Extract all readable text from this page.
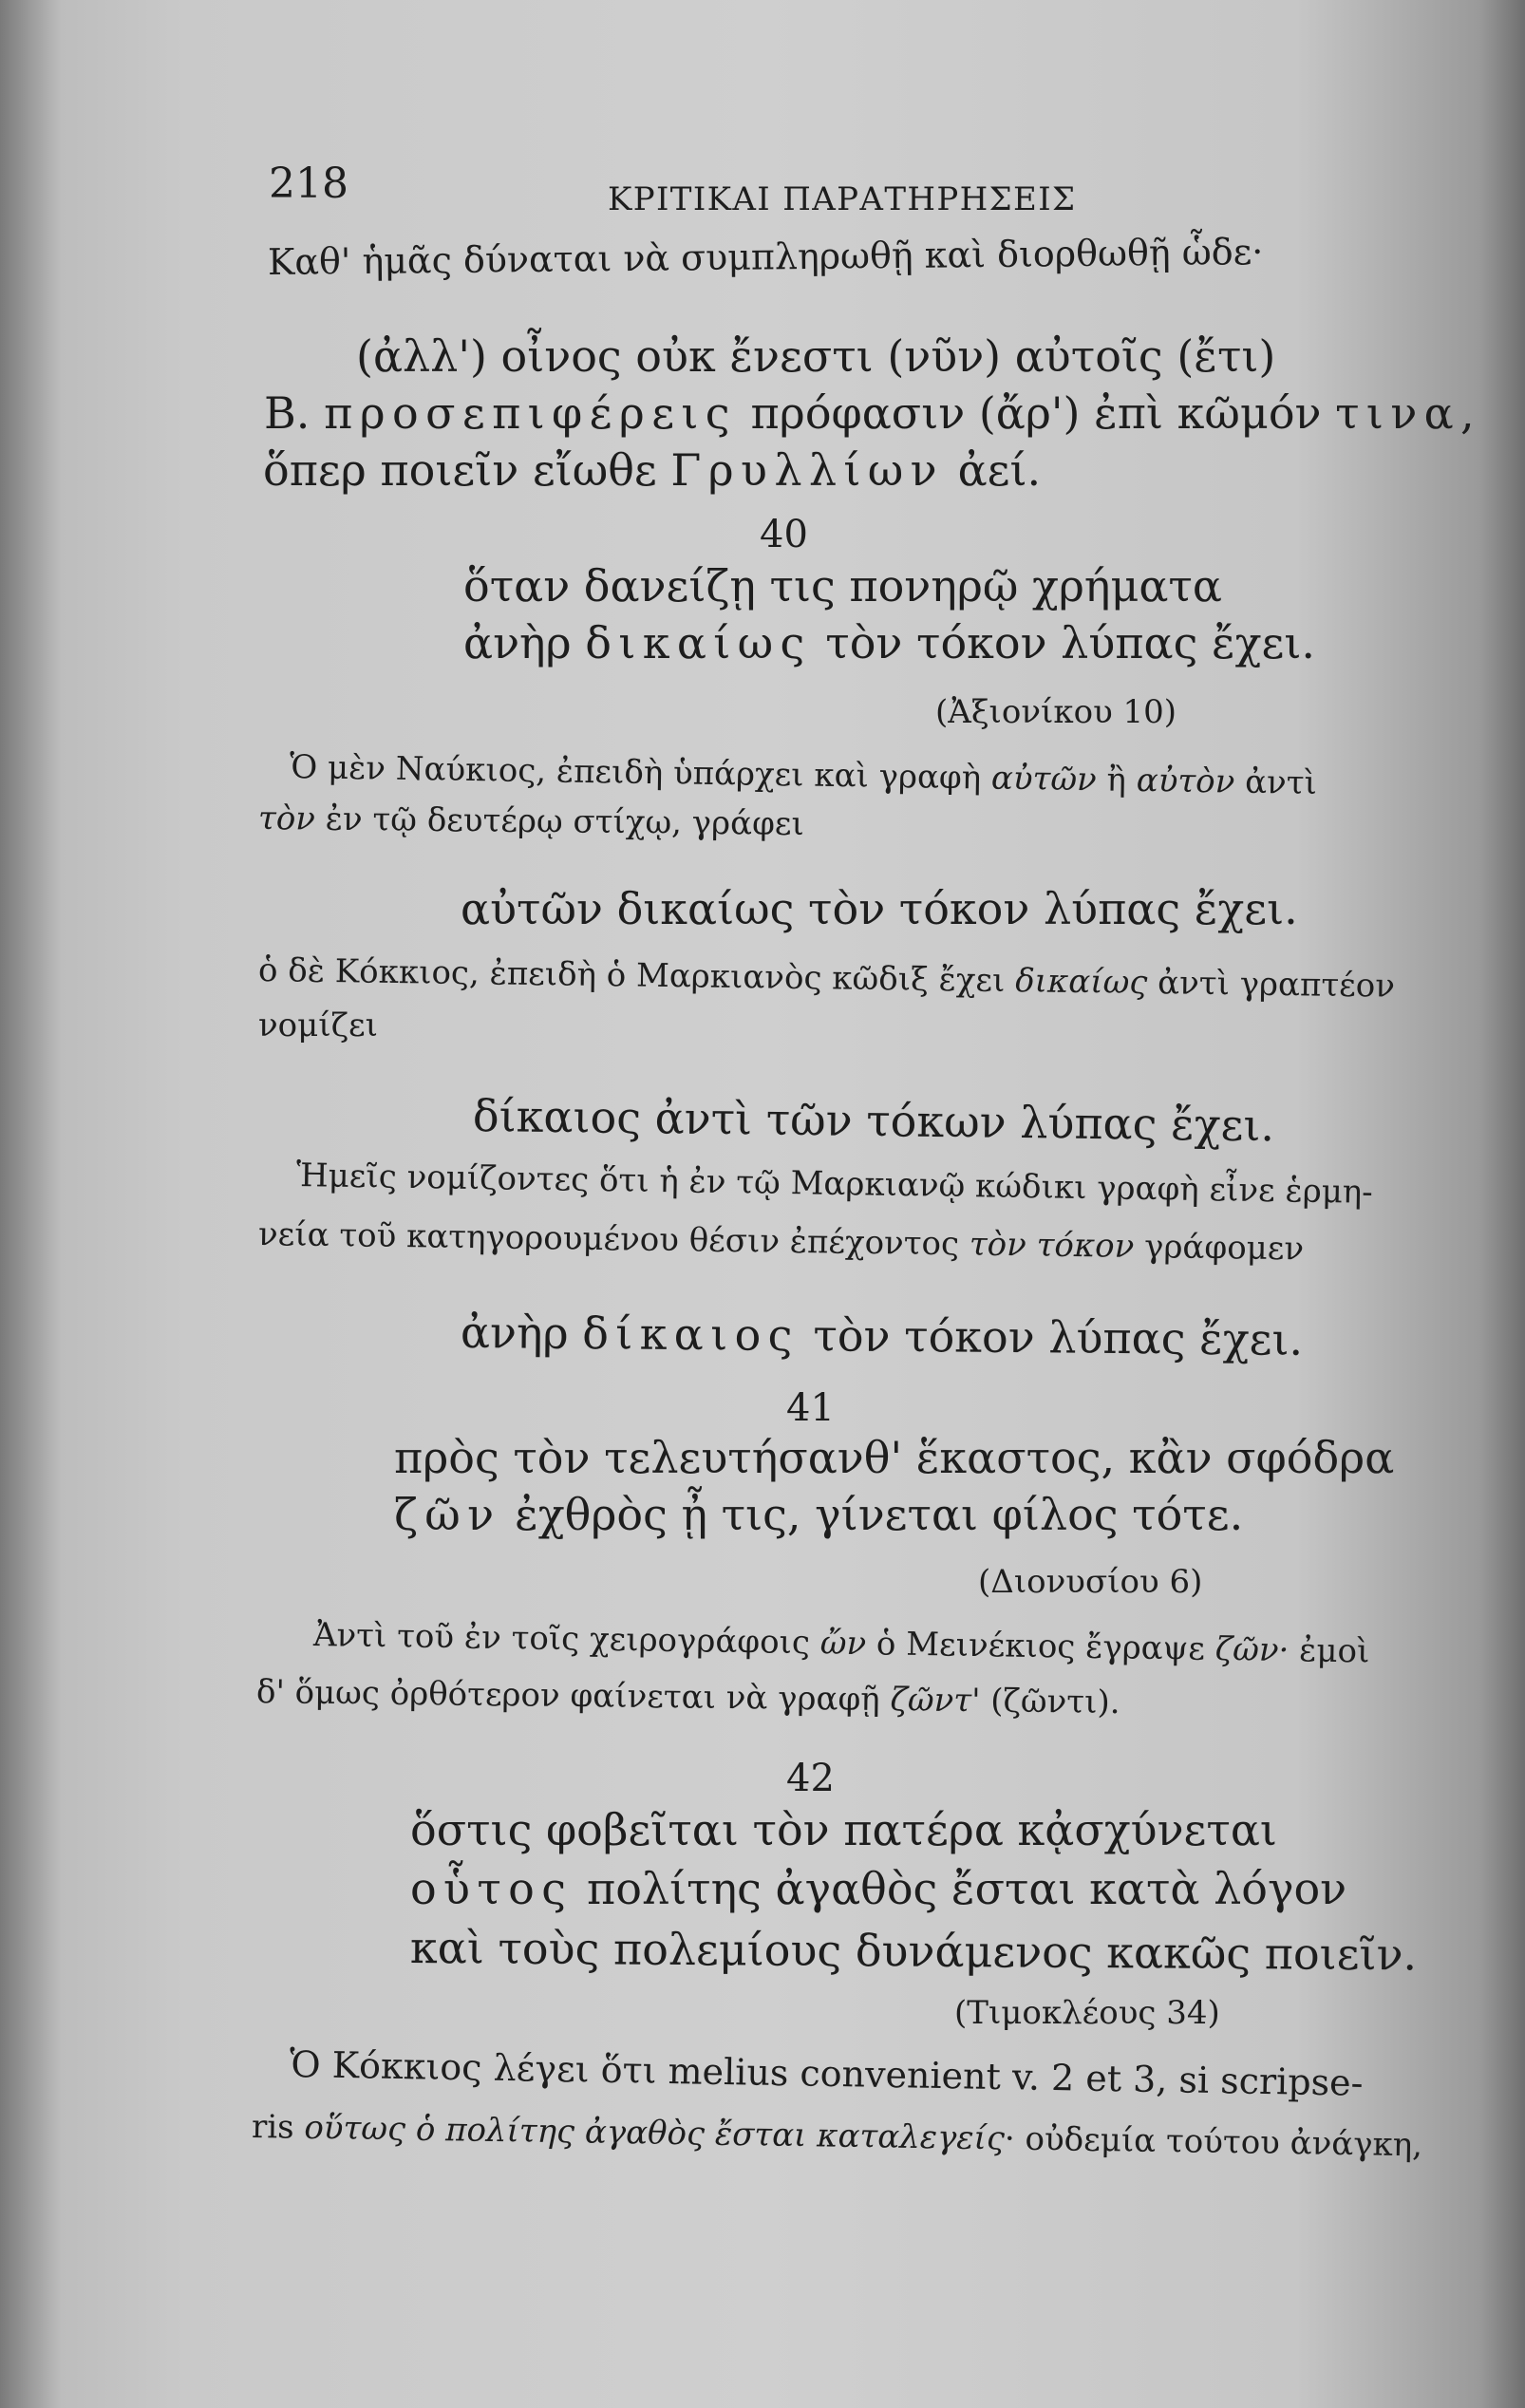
218	ΚΡΙΤΙΚΑΙ ΠΑΡΑΤΗΡΗΣΕΙΣ
Καθ' ἡμᾶς δύναται νὰ συμπληρωθῇ καὶ διορθωθῇ ὧδε·
(ἀλλ') οἶνος οὐκ ἔνεστι (νῦν) αὐτοῖς (ἔτι)
Β. προσεπιφέρεις πρόφασιν (ἄρ') ἐπὶ κῶμόν τινα,
ὅπερ ποιεῖν εἴωθε Γρυλλίων ἀεί.
40
ὅταν δανείζῃ τις πονηρῷ χρήματα
ἀνὴρ δικαίως τὸν τόκον λύπας ἔχει.
(Ἀξιονίκου 10)
Ὁ μὲν Ναύκιος, ἐπειδὴ ὑπάρχει καὶ γραφὴ αὐτῶν ἢ αὐτὸν ἀντὶ
τὸν ἐν τῷ δευτέρῳ στίχῳ, γράφει
αὐτῶν δικαίως τὸν τόκον λύπας ἔχει.
ὁ δὲ Κόκκιος, ἐπειδὴ ὁ Μαρκιανὸς κῶδιξ ἔχει δικαίως ἀντὶ γραπτέον
νομίζει
δίκαιος ἀντὶ τῶν τόκων λύπας ἔχει.
Ἡμεῖς νομίζοντες ὅτι ἡ ἐν τῷ Μαρκιανῷ κώδικι γραφὴ εἶνε ἑρμη-
νεία τοῦ κατηγορουμένου θέσιν ἐπέχοντος τὸν τόκον γράφομεν
ἀνὴρ δίκαιος τὸν τόκον λύπας ἔχει.
41
πρὸς τὸν τελευτήσανθ' ἕκαστος, κἂν σφόδρα
ζῶν ἐχθρὸς ᾖ τις, γίνεται φίλος τότε.
(Διονυσίου 6)
Ἀντὶ τοῦ ἐν τοῖς χειρογράφοις ὤν ὁ Μεινέκιος ἔγραψε ζῶν· ἐμοὶ
δ' ὅμως ὀρθότερον φαίνεται νὰ γραφῇ ζῶντ' (ζῶντι).
42
ὅστις φοβεῖται τὸν πατέρα κᾀσχύνεται
οὗτος πολίτης ἀγαθὸς ἔσται κατὰ λόγον
καὶ τοὺς πολεμίους δυνάμενος κακῶς ποιεῖν.
(Τιμοκλέους 34)
Ὁ Κόκκιος λέγει ὅτι melius convenient v. 2 et 3, si scripse-
ris οὕτως ὁ πολίτης ἀγαθὸς ἔσται καταλεγείς· οὐδεμία τούτου ἀνάγκη,
